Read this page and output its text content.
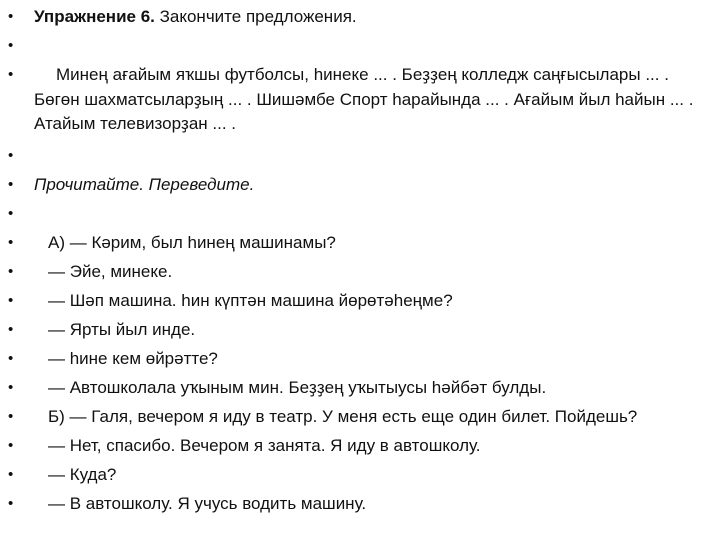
• Упражнение 6. Закончите предложения.
•
•	Минең ағайым яҡшы футболсы, һинеке ... . Беҙҙең колледж саңғысылары ... . Бөгөн шахматсыларҙың ... . Шишәмбе Спорт һарайында ... . Ағайым йыл һайын ... . Атайым телевизорҙан ... .
•
• Прочитайте. Переведите.
•
•	А) — Кәрим, был һинең машинамы?
•	— Эйе, минеке.
•	— Шәп машина. һин күптән машина йөрөтәһеңме?
•	— Ярты йыл инде.
•	— һине кем өйрәтте?
•	— Автошколала уҡыным мин. Беҙҙең уҡытыусы һәйбәт булды.
•	Б) — Галя, вечером я иду в театр. У меня есть еще один билет. Пойдешь?
•	— Нет, спасибо. Вечером я занята. Я иду в автошколу.
•	— Куда?
•	— В автошколу. Я учусь водить машину.
